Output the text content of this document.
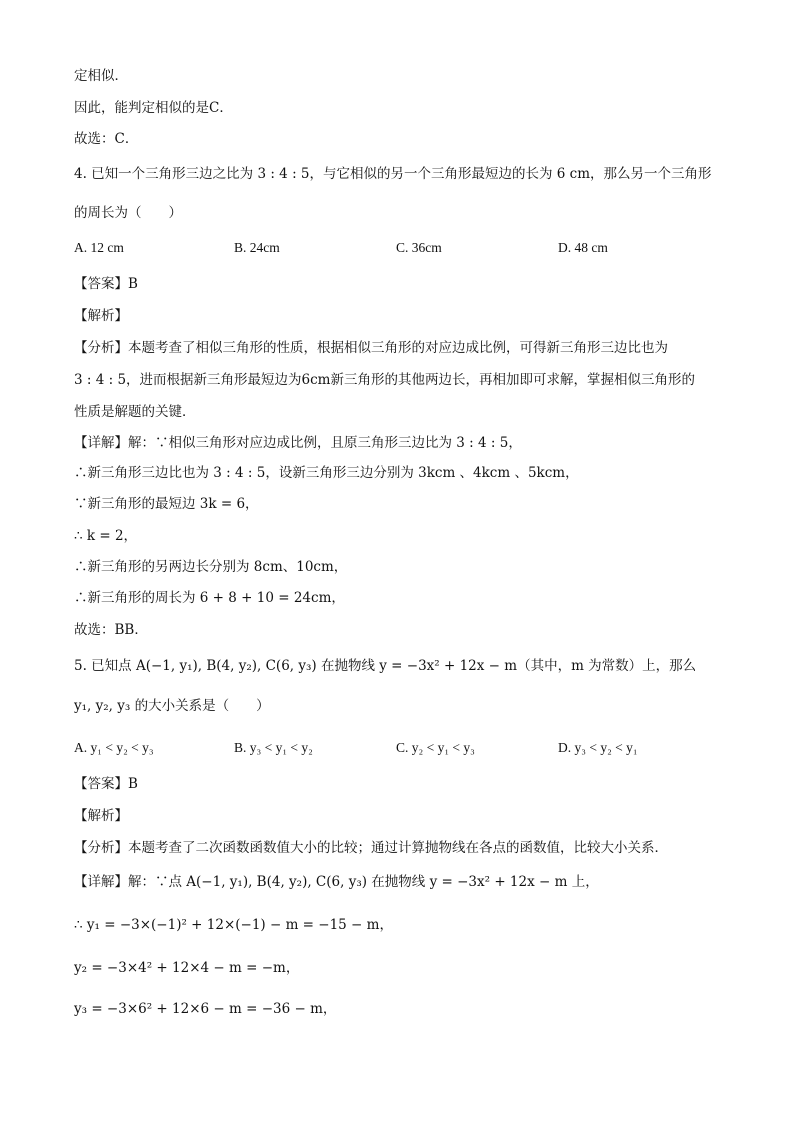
定相似．
因此，能判定相似的是C．
故选：C．
4. 已知一个三角形三边之比为 3 : 4 : 5，与它相似的另一个三角形最短边的长为 6 cm，那么另一个三角形
的周长为（　　）
A. 12 cm	B. 24cm	C. 36cm	D. 48 cm
【答案】B
【解析】
【分析】本题考查了相似三角形的性质，根据相似三角形的对应边成比例，可得新三角形三边比也为
3 : 4 : 5，进而根据新三角形最短边为6cm新三角形的其他两边长，再相加即可求解，掌握相似三角形的
性质是解题的关键．
【详解】解：∵相似三角形对应边成比例，且原三角形三边比为 3 : 4 : 5，
∴新三角形三边比也为 3 : 4 : 5，设新三角形三边分别为 3kcm 、4kcm 、5kcm，
∵新三角形的最短边 3k = 6，
∴ k = 2，
∴新三角形的另两边长分别为 8cm、10cm，
∴新三角形的周长为 6 + 8 + 10 = 24cm，
故选：BB．
5. 已知点 A(−1, y₁), B(4, y₂), C(6, y₃) 在抛物线 y = −3x² + 12x − m（其中，m 为常数）上，那么
y₁, y₂, y₃ 的大小关系是（　　）
A. y₁ < y₂ < y₃	B. y₃ < y₁ < y₂	C. y₂ < y₁ < y₃	D. y₃ < y₂ < y₁
【答案】B
【解析】
【分析】本题考查了二次函数函数值大小的比较；通过计算抛物线在各点的函数值，比较大小关系．
【详解】解：∵点 A(−1, y₁), B(4, y₂), C(6, y₃) 在抛物线 y = −3x² + 12x − m 上，
∴ y₁ = −3×(−1)² + 12×(−1) − m = −15 − m，
y₂ = −3×4² + 12×4 − m = −m，
y₃ = −3×6² + 12×6 − m = −36 − m，
